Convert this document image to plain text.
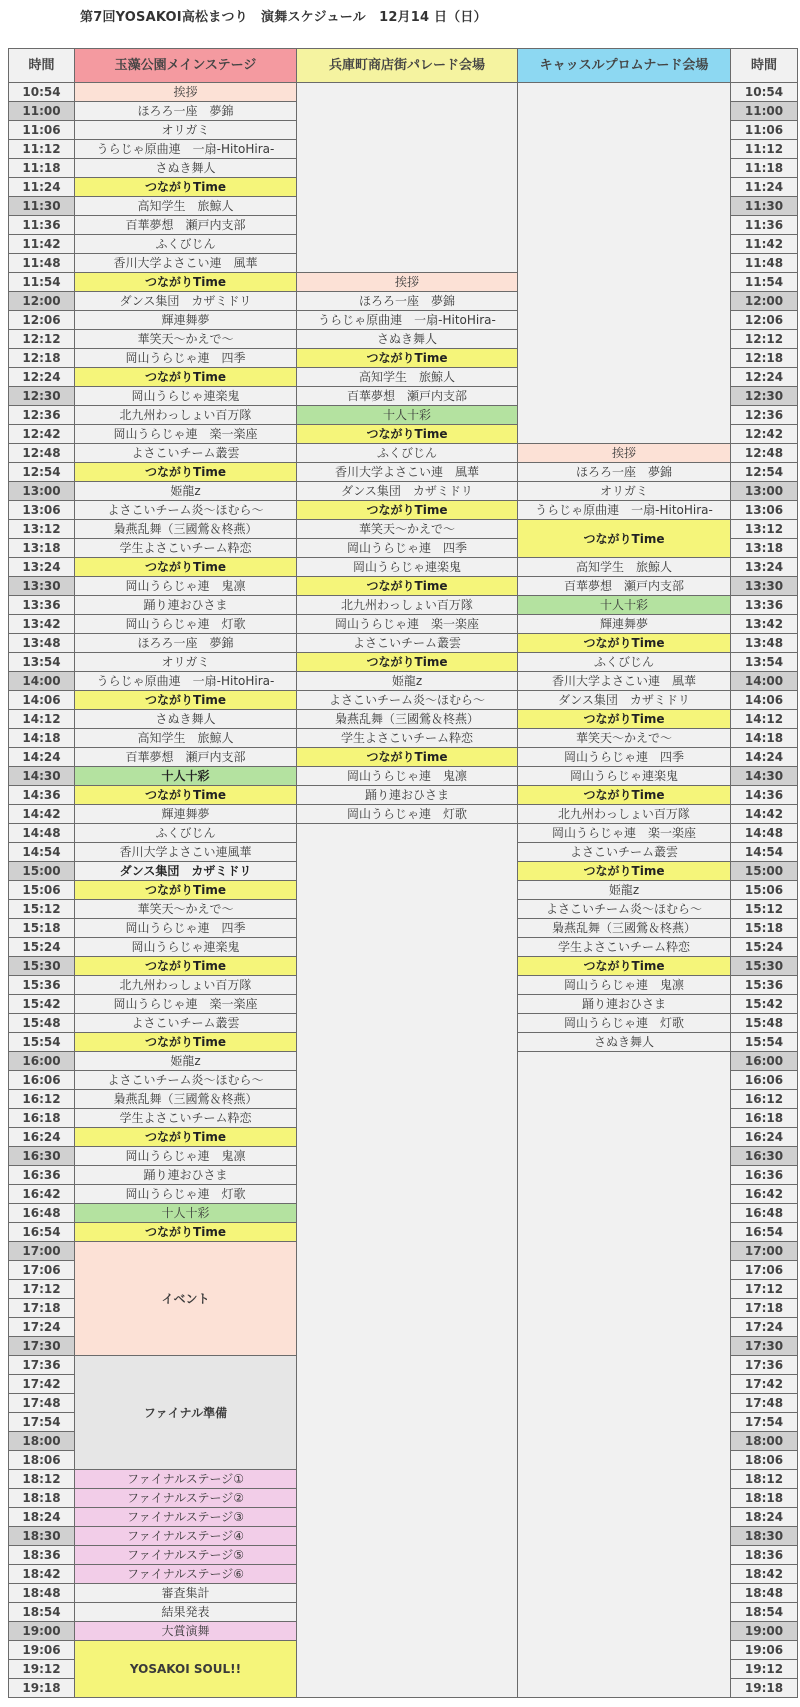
第7回YOSAKOI高松まつり　演舞スケジュール　12月14 日（日）
時間	玉藻公園メインステージ	兵庫町商店街パレード会場	キャッスルプロムナード会場	時間
10:54	挨拶			10:54
11:00	ほろろ一座　夢錦			11:00
11:06	オリガミ			11:06
11:12	うらじゃ原曲連　一扇-HitoHira-			11:12
11:18	さぬき舞人			11:18
11:24	つながりTime			11:24
11:30	高知学生　旅鯨人			11:30
11:36	百華夢想　瀬戸内支部			11:36
11:42	ふくびじん			11:42
11:48	香川大学よさこい連　風華			11:48
11:54	つながりTime	挨拶		11:54
12:00	ダンス集団　カザミドリ	ほろろ一座　夢錦		12:00
12:06	輝連舞夢	うらじゃ原曲連　一扇-HitoHira-		12:06
12:12	華笑天～かえで～	さぬき舞人		12:12
12:18	岡山うらじゃ連　四季	つながりTime		12:18
12:24	つながりTime	高知学生　旅鯨人		12:24
12:30	岡山うらじゃ連楽鬼	百華夢想　瀬戸内支部		12:30
12:36	北九州わっしょい百万隊	十人十彩		12:36
12:42	岡山うらじゃ連　楽一楽座	つながりTime		12:42
12:48	よさこいチーム叢雲	ふくびじん	挨拶	12:48
12:54	つながりTime	香川大学よさこい連　風華	ほろろ一座　夢錦	12:54
13:00	姫龍z	ダンス集団　カザミドリ	オリガミ	13:00
13:06	よさこいチーム炎～ほむら～	つながりTime	うらじゃ原曲連　一扇-HitoHira-	13:06
13:12	梟燕乱舞（三國鶯＆柊燕）	華笑天～かえで～	つながりTime	13:12
13:18	学生よさこいチーム粋恋	岡山うらじゃ連　四季		13:18
13:24	つながりTime	岡山うらじゃ連楽鬼	高知学生　旅鯨人	13:24
13:30	岡山うらじゃ連　鬼凛	つながりTime	百華夢想　瀬戸内支部	13:30
13:36	踊り連おひさま	北九州わっしょい百万隊	十人十彩	13:36
13:42	岡山うらじゃ連　灯歌	岡山うらじゃ連　楽一楽座	輝連舞夢	13:42
13:48	ほろろ一座　夢錦	よさこいチーム叢雲	つながりTime	13:48
13:54	オリガミ	つながりTime	ふくびじん	13:54
14:00	うらじゃ原曲連　一扇-HitoHira-	姫龍z	香川大学よさこい連　風華	14:00
14:06	つながりTime	よさこいチーム炎～ほむら～	ダンス集団　カザミドリ	14:06
14:12	さぬき舞人	梟燕乱舞（三國鶯＆柊燕）	つながりTime	14:12
14:18	高知学生　旅鯨人	学生よさこいチーム粋恋	華笑天～かえで～	14:18
14:24	百華夢想　瀬戸内支部	つながりTime	岡山うらじゃ連　四季	14:24
14:30	十人十彩	岡山うらじゃ連　鬼凛	岡山うらじゃ連楽鬼	14:30
14:36	つながりTime	踊り連おひさま	つながりTime	14:36
14:42	輝連舞夢	岡山うらじゃ連　灯歌	北九州わっしょい百万隊	14:42
14:48	ふくびじん		岡山うらじゃ連　楽一楽座	14:48
14:54	香川大学よさこい連風華		よさこいチーム叢雲	14:54
15:00	ダンス集団　カザミドリ		つながりTime	15:00
15:06	つながりTime		姫龍z	15:06
15:12	華笑天～かえで～		よさこいチーム炎～ほむら～	15:12
15:18	岡山うらじゃ連　四季		梟燕乱舞（三國鶯＆柊燕）	15:18
15:24	岡山うらじゃ連楽鬼		学生よさこいチーム粋恋	15:24
15:30	つながりTime		つながりTime	15:30
15:36	北九州わっしょい百万隊		岡山うらじゃ連　鬼凛	15:36
15:42	岡山うらじゃ連　楽一楽座		踊り連おひさま	15:42
15:48	よさこいチーム叢雲		岡山うらじゃ連　灯歌	15:48
15:54	つながりTime		さぬき舞人	15:54
16:00	姫龍z			16:00
16:06	よさこいチーム炎～ほむら～			16:06
16:12	梟燕乱舞（三國鶯＆柊燕）			16:12
16:18	学生よさこいチーム粋恋			16:18
16:24	つながりTime			16:24
16:30	岡山うらじゃ連　鬼凛			16:30
16:36	踊り連おひさま			16:36
16:42	岡山うらじゃ連　灯歌			16:42
16:48	十人十彩			16:48
16:54	つながりTime			16:54
17:00	イベント			17:00
17:06				17:06
17:12				17:12
17:18				17:18
17:24				17:24
17:30				17:30
17:36	ファイナル準備			17:36
17:42				17:42
17:48				17:48
17:54				17:54
18:00				18:00
18:06				18:06
18:12	ファイナルステージ①			18:12
18:18	ファイナルステージ②			18:18
18:24	ファイナルステージ③			18:24
18:30	ファイナルステージ④			18:30
18:36	ファイナルステージ⑤			18:36
18:42	ファイナルステージ⑥			18:42
18:48	審査集計			18:48
18:54	結果発表			18:54
19:00	大賞演舞			19:00
19:06	YOSAKOI SOUL!!			19:06
19:12				19:12
19:18				19:18
